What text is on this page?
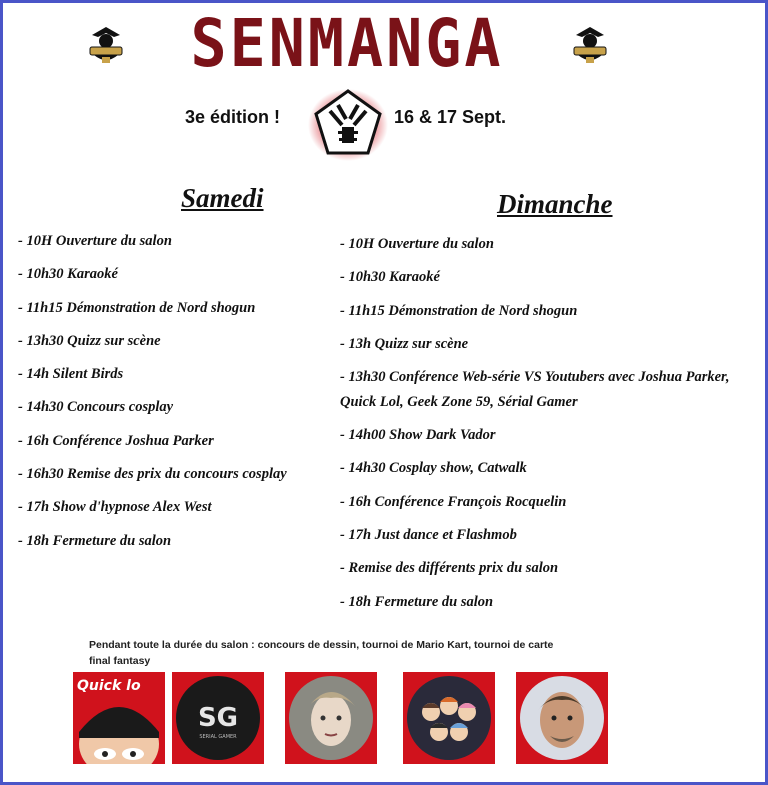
SENMANGA
3e édition !	16 & 17 Sept.
Samedi
- 10H Ouverture du salon
- 10h30 Karaoké
- 11h15 Démonstration de Nord shogun
- 13h30 Quizz sur scène
- 14h Silent Birds
- 14h30 Concours cosplay
- 16h Conférence Joshua Parker
- 16h30 Remise des prix du concours cosplay
- 17h Show d'hypnose Alex West
- 18h Fermeture du salon
Dimanche
- 10H Ouverture du salon
- 10h30 Karaoké
- 11h15 Démonstration de Nord shogun
- 13h Quizz sur scène
- 13h30 Conférence Web-série VS Youtubers avec Joshua Parker, Quick Lol, Geek Zone 59, Sérial Gamer
- 14h00 Show Dark Vador
- 14h30 Cosplay show, Catwalk
- 16h Conférence François Rocquelin
- 17h Just dance et Flashmob
- Remise des différents prix du salon
- 18h Fermeture du salon
Pendant toute la durée du salon : concours de dessin, tournoi de Mario Kart, tournoi de carte final fantasy
Quick lo
SG
SERIAL GAMER
